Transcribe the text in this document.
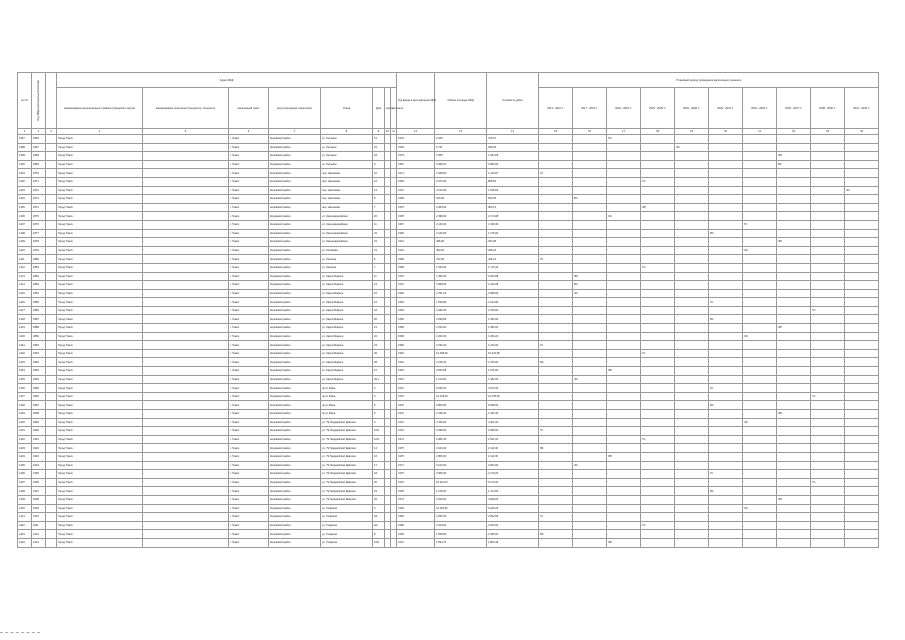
№ п/п	Код МКД в региональной системе		Адрес МКД								Год ввода в эксплуатацию МКД	Общая площадь МКД	Стоимость работ	Плановый период проведения капитального ремонта									
			наименование муниципального района (городского округа)	наименование поселения (городского, сельского)	населенный пункт	внутригородская территория	Улица	Дом	корпус	строение				2014 - 2016 гг.	2017 - 2019 гг.	2020 - 2022 гг.	2023 - 2025 гг.	2026 - 2028 гг.	2029 - 2031 гг.	2032 - 2034 гг.	2035 - 2037 гг.	2038 - 2040 гг.	2041 - 2043 гг.
1	2	3	4	5	6	7	8	9	10	11	12	13	14	15	16	17	18	19	20	21	22	23	24
1397	1866		Город Томск		г. Томск	Кировский район	ул. Лыткина	14			1976	2 946	726,67			ПС							
1398	1867		Город Томск		г. Томск	Кировский район	ул. Лыткина	16			1963	2 741	628,40					ЭС					
1399	1868		Город Томск		г. Томск	Кировский район	ул. Лыткина	18			1975	2 965	1 034,29								ФП		
1400	1869		Город Томск		г. Томск	Кировский район	ул. Лыткина	9			1967	3 468,10	3 684,00								ВС		
1401	1870		Город Томск		г. Томск	Кировский район	пер. Нахимова	10			1971	2 948,60	1 216,87	ГС									
1402	1871		Город Томск		г. Томск	Кировский район	пер. Нахимова	12			1962	2 970,40	868,54				ТС						
1403	1872		Город Томск		г. Томск	Кировский район	пер. Нахимова	13			1972	3 212,90	1 518,04										ЭС
1404	1873		Город Томск		г. Томск	Кировский район	пер. Нахимова	5			1965	919,90	590,05		ВС								
1405	1874		Город Томск		г. Томск	Кировский район	пер. Нахимова	7			1975	2 005,90	905,13				ФП						
1406	1875		Город Томск		г. Томск	Кировский район	ул. Красноармейская	20			1978	2 498,30	2 174,08			ЭС							
1407	1876		Город Томск		г. Томск	Кировский район	ул. Красноармейская	11			1957	2 143,30	1 198,40							ГС			
1408	1877		Город Томск		г. Томск	Кировский район	ул. Красноармейская	22			1966	2 120,00	1 176,00						ВС				
1409	1878		Город Томск		г. Томск	Кировский район	ул. Красноармейская	23			1941	496,00	302,35								ФП		
1410	1879		Город Томск		г. Томск	Кировский район	ул. Косарева	21			1941	493,20	296,24							ЭС			
1411	1880		Город Томск		г. Томск	Кировский район	ул. Ленская	6			1959	762,90	425,13	ГС									
1412	1881		Город Томск		г. Томск	Кировский район	ул. Ленская	7			1959	1 294,00	1 176,34				ТС						
1413	1882		Город Томск		г. Томск	Кировский район	ул. Карла Маркса	11			1976	7 496,34	6 194,98		ФП								
1414	1883		Город Томск		г. Томск	Кировский район	ул. Карла Маркса	14			1974	3 568,09	2 416,08		ВС								
1415	1884		Город Томск		г. Томск	Кировский район	ул. Карла Маркса	15			1960	2 761,10	2 098,96		ЭС								
1416	1885		Город Томск		г. Томск	Кировский район	ул. Карла Маркса	16			1954	1 530,80	1 044,90						ГС				
1417	1886		Город Томск		г. Томск	Кировский район	ул. Карла Маркса	18			1963	4 182,00	1 578,00									ТС	
1418	1887		Город Томск		г. Томск	Кировский район	ул. Карла Маркса	20			1955	2 096,80	1 360,00						ВС				
1419	1888		Город Томск		г. Томск	Кировский район	ул. Карла Маркса	21			1956	2 234,60	1 380,00								ФП		
1420	1889		Город Томск		г. Томск	Кировский район	ул. Карла Маркса	22			1956	2 262,00	1 230,20							ЭС			
1421	1890		Город Томск		г. Томск	Кировский район	ул. Карла Маркса	24			1956	2 196,40	1 240,00	ГС									
1422	1891		Город Томск		г. Томск	Кировский район	ул. Карла Маркса	26			1962	13 468,30	10 424,98				ТС						
1423	1892		Город Томск		г. Томск	Кировский район	ул. Карла Маркса	28			1961	2 218,70	1 376,00	ВС									
1424	1893		Город Томск		г. Томск	Кировский район	ул. Карла Маркса	27			1963	2 830,68	1 676,00			ФП							
1425	1894		Город Томск		г. Томск	Кировский район	ул. Карла Маркса	30,1			1961	1 210,60	1 182,00		ЭС								
1426	1895		Город Томск		г. Томск	Кировский район	пр-кт Мира	2			1972	5 228,10	3 372,00						ГС				
1427	1896		Город Томск		г. Томск	Кировский район	пр-кт Мира	3			1976	12 123,00	12 278,00									ТС	
1428	1897		Город Томск		г. Томск	Кировский район	пр-кт Мира	5			1976	9 869,90	8 398,00						ВС				
1429	1898		Город Томск		г. Томск	Кировский район	пр-кт Мира	6			1972	2 195,40	1 446,40								ФП		
1430	1899		Город Томск		г. Томск	Кировский район	ул. 79 Гвардейской Дивизии	4			1972	4 445,00	4 201,00							ЭС			
1431	1900		Город Томск		г. Томск	Кировский район	ул. 79 Гвардейской Дивизии	10/1			1974	3 098,00	2 698,00	ГС									
1432	1901		Город Томск		г. Томск	Кировский район	ул. 79 Гвардейской Дивизии	10/2			1974	2 981,00	2 521,00				ТС						
1433	1902		Город Томск		г. Томск	Кировский район	ул. 79 Гвардейской Дивизии	14			1975	3 164,00	2 114,00	ВС									
1434	1903		Город Томск		г. Томск	Кировский район	ул. 79 Гвардейской Дивизии	16			1975	2 806,00	2 112,00			ФП							
1435	1904		Город Томск		г. Томск	Кировский район	ул. 79 Гвардейской Дивизии	17			1977	3 210,00	2 564,00		ЭС								
1436	1905		Город Томск		г. Томск	Кировский район	ул. 79 Гвардейской Дивизии	18			1975	3 666,00	2 176,00						ГС				
1437	1906		Город Томск		г. Томск	Кировский район	ул. 79 Гвардейской Дивизии	20			1976	16 112,00	9 173,00									ТС	
1438	1907		Город Томск		г. Томск	Кировский район	ул. 79 Гвардейской Дивизии	23			1978	1 278,00	1 473,00						ВС				
1439	1908		Город Томск		г. Томск	Кировский район	ул. 79 Гвардейской Дивизии	25			1973	2 819,00	2 608,00								ФП		
1440	1909		Город Томск		г. Томск	Кировский район	ул. Гагарина	3			1949	10 492,50	9 246,25							ЭС			
1441	1910		Город Томск		г. Томск	Кировский район	ул. Гагарина	4/1			1966	2 935,30	2 292,96	ГС									
1442	1911		Город Томск		г. Томск	Кировский район	ул. Гагарина	4/2			1958	4 313,00	3 150,00				ТС						
1443	1912		Город Томск		г. Томск	Кировский район	ул. Гагарина	8			1940	1 658,90	1 065,00	ВС									
1444	1913		Город Томск		г. Томск	Кировский район	ул. Гагарина	10/2			1972	1 994,76	1 806,46			ФП							
